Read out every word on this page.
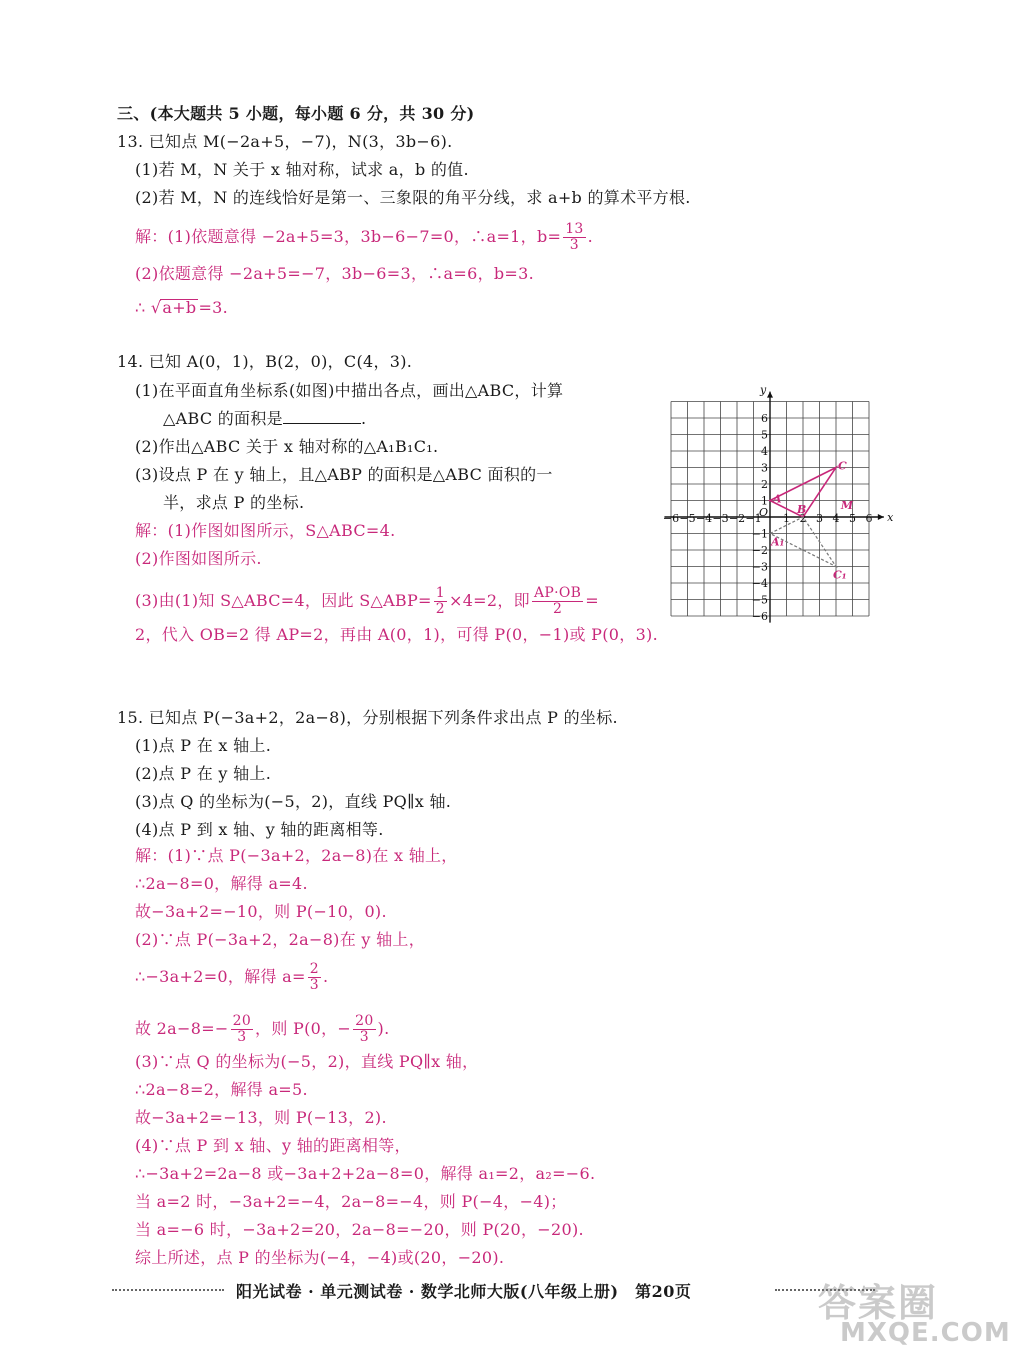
三、(本大题共 5 小题，每小题 6 分，共 30 分)
13. 已知点 M(−2a+5，−7)，N(3，3b−6).
(1)若 M，N 关于 x 轴对称，试求 a，b 的值.
(2)若 M，N 的连线恰好是第一、三象限的角平分线，求 a+b 的算术平方根.
解：(1)依题意得 −2a+5=3，3b−6−7=0，∴a=1，$b= \frac{13}{3}$ .
(2)依题意得 −2a+5=−7，3b−6=3，∴a=6，b=3.
∴ √a+b =3.
14. 已知 A(0，1)，B(2，0)，C(4，3).
(1)在平面直角坐标系(如图)中描出各点，画出△ABC，计算
△ABC 的面积是	.
(2)作出△ABC 关于 x 轴对称的△A₁B₁C₁.
(3)设点 P 在 y 轴上，且△ABP 的面积是△ABC 面积的一
半，求点 P 的坐标.
解：(1)作图如图所示，S△ABC=4.
(2)作图如图所示.
(3)由(1)知 S△ABC=4，因此 S△ABP= $\frac{1}{2} \times 4=2$，即 $\frac{AP\cdot OB}{2}$ =
2，代入 OB=2 得 AP=2，再由 A(0，1)，可得 P(0，−1)或 P(0，3).
x
y
−6 −5 −4 −3 −2 −1 1 2 3 4 5 6
6
5
4
3
2
1
−1
−2
−3
−4
−5
−6
O
A
B
C
A₁
C₁
M
15. 已知点 P(−3a+2，2a−8)，分别根据下列条件求出点 P 的坐标.
(1)点 P 在 x 轴上.
(2)点 P 在 y 轴上.
(3)点 Q 的坐标为(−5，2)，直线 PQ∥x 轴.
(4)点 P 到 x 轴、y 轴的距离相等.
解：(1)∵点 P(−3a+2，2a−8)在 x 轴上，
∴2a−8=0，解得 a=4.
故−3a+2=−10，则 P(−10，0).
(2)∵点 P(−3a+2，2a−8)在 y 轴上，
∴−3a+2=0，解得 $a= \frac{2}{3}$ .
故 $2a-8=- \frac{20}{3}$ ，则 P(0，− $\frac{20}{3}$ ).
(3)∵点 Q 的坐标为(−5，2)，直线 PQ∥x 轴，
∴2a−8=2，解得 a=5.
故−3a+2=−13，则 P(−13，2).
(4)∵点 P 到 x 轴、y 轴的距离相等，
∴−3a+2=2a−8 或−3a+2+2a−8=0，解得 a₁=2，a₂=−6.
当 a=2 时，−3a+2=−4，2a−8=−4，则 P(−4，−4)；
当 a=−6 时，−3a+2=20，2a−8=−20，则 P(20，−20).
综上所述，点 P 的坐标为(−4，−4)或(20，−20).
阳光试卷 · 单元测试卷 · 数学北师大版(八年级上册)　第20页	答案圈
MXQE.COM
